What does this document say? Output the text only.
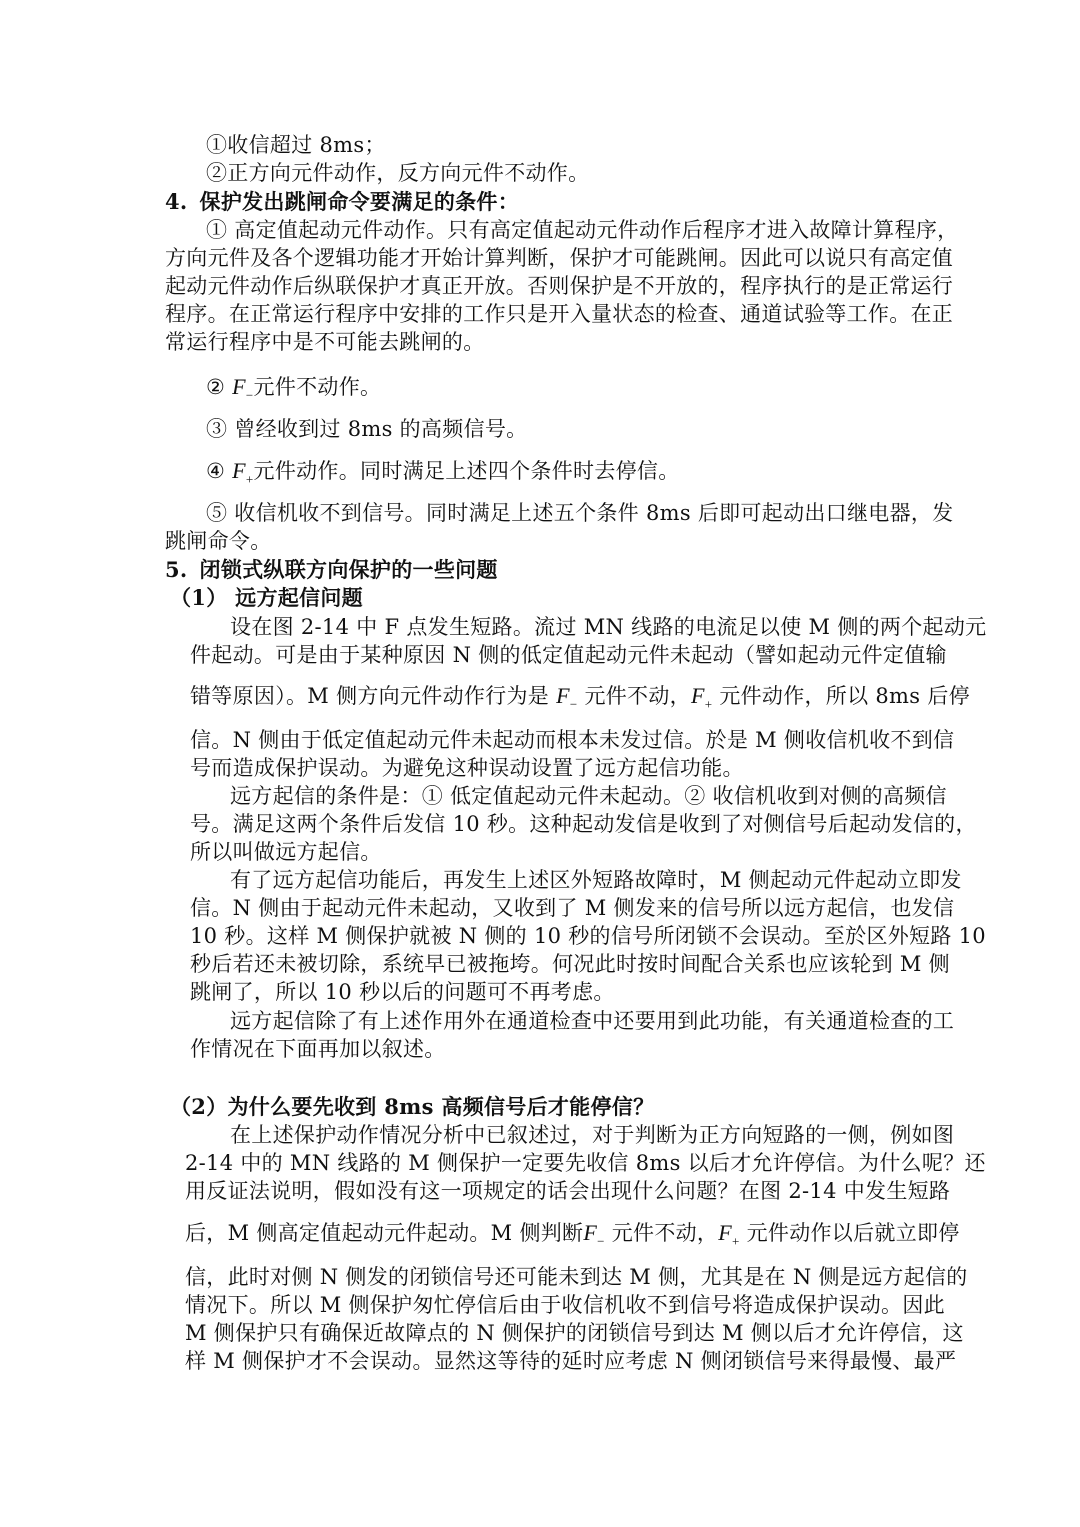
①收信超过 8ms；
②正方向元件动作，反方向元件不动作。
4. 保护发出跳闸命令要满足的条件：
① 高定值起动元件动作。只有高定值起动元件动作后程序才进入故障计算程序，
方向元件及各个逻辑功能才开始计算判断，保护才可能跳闸。因此可以说只有高定值
起动元件动作后纵联保护才真正开放。否则保护是不开放的，程序执行的是正常运行
程序。在正常运行程序中安排的工作只是开入量状态的检查、通道试验等工作。在正
常运行程序中是不可能去跳闸的。
② $F_-$元件不动作。
③ 曾经收到过 8ms 的高频信号。
④ $F_+$元件动作。同时满足上述四个条件时去停信。
⑤ 收信机收不到信号。同时满足上述五个条件 8ms 后即可起动出口继电器，发
跳闸命令。
5. 闭锁式纵联方向保护的一些问题
（1） 远方起信问题
设在图 2-14 中 F 点发生短路。流过 MN 线路的电流足以使 M 侧的两个起动元
件起动。可是由于某种原因 N 侧的低定值起动元件未起动（譬如起动元件定值输
错等原因）。M 侧方向元件动作行为是 $F_-$ 元件不动，$F_+$ 元件动作，所以 8ms 后停
信。N 侧由于低定值起动元件未起动而根本未发过信。於是 M 侧收信机收不到信
号而造成保护误动。为避免这种误动设置了远方起信功能。
远方起信的条件是：① 低定值起动元件未起动。② 收信机收到对侧的高频信
号。满足这两个条件后发信 10 秒。这种起动发信是收到了对侧信号后起动发信的，
所以叫做远方起信。
有了远方起信功能后，再发生上述区外短路故障时，M 侧起动元件起动立即发
信。N 侧由于起动元件未起动，又收到了 M 侧发来的信号所以远方起信，也发信
10 秒。这样 M 侧保护就被 N 侧的 10 秒的信号所闭锁不会误动。至於区外短路 10
秒后若还未被切除，系统早已被拖垮。何况此时按时间配合关系也应该轮到 M 侧
跳闸了，所以 10 秒以后的问题可不再考虑。
远方起信除了有上述作用外在通道检查中还要用到此功能，有关通道检查的工
作情况在下面再加以叙述。
（2）为什么要先收到 8ms 高频信号后才能停信？
在上述保护动作情况分析中已叙述过，对于判断为正方向短路的一侧，例如图
2-14 中的 MN 线路的 M 侧保护一定要先收信 8ms 以后才允许停信。为什么呢？还
用反证法说明，假如没有这一项规定的话会出现什么问题？在图 2-14 中发生短路
后，M 侧高定值起动元件起动。M 侧判断$F_-$ 元件不动，$F_+$ 元件动作以后就立即停
信，此时对侧 N 侧发的闭锁信号还可能未到达 M 侧，尤其是在 N 侧是远方起信的
情况下。所以 M 侧保护匆忙停信后由于收信机收不到信号将造成保护误动。因此
M 侧保护只有确保近故障点的 N 侧保护的闭锁信号到达 M 侧以后才允许停信，这
样 M 侧保护才不会误动。显然这等待的延时应考虑 N 侧闭锁信号来得最慢、最严
